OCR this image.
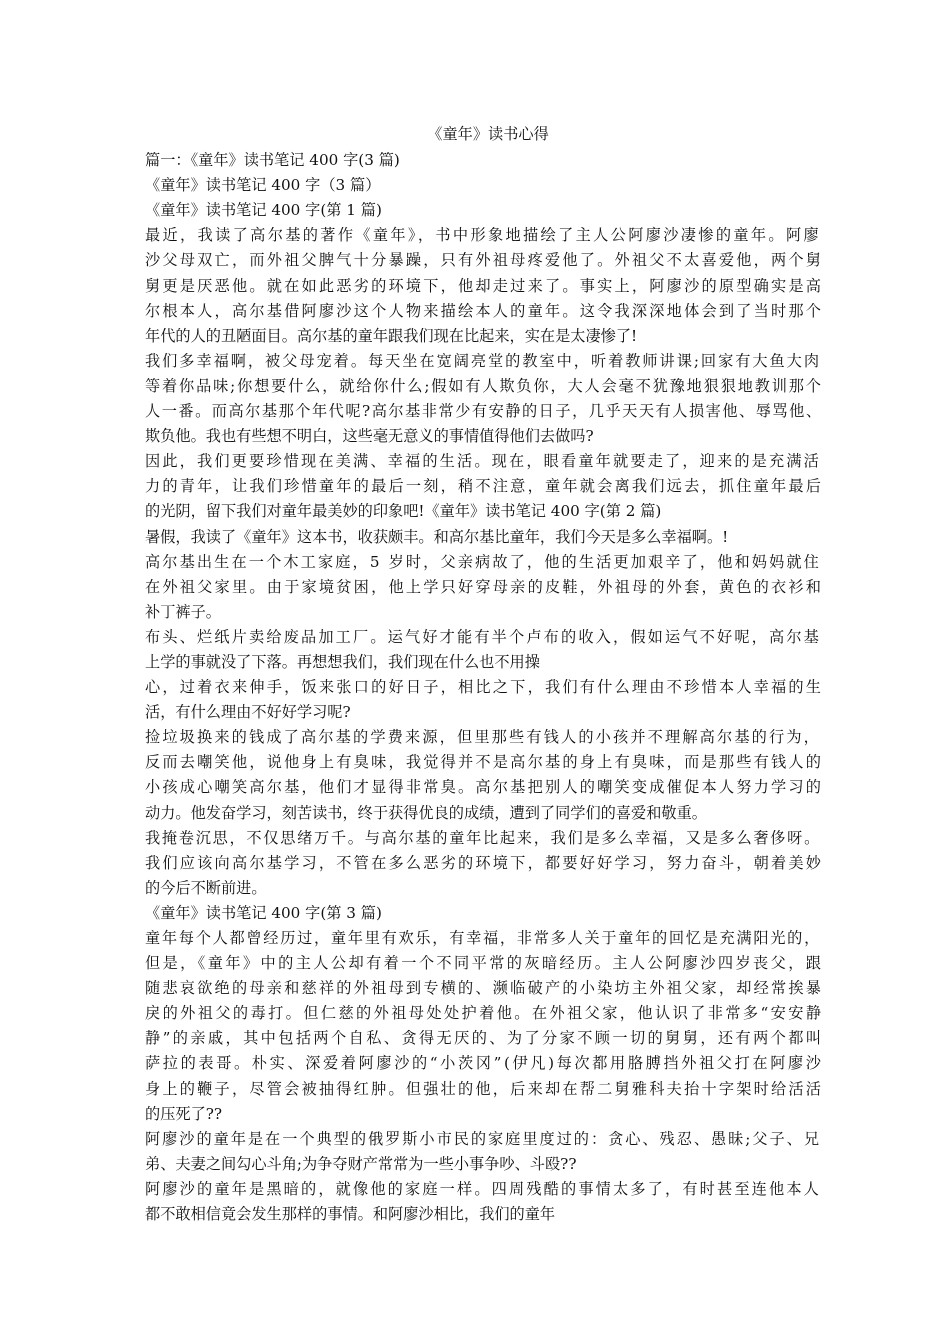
《童年》读书心得
篇一：《童年》读书笔记 400 字(3 篇)
《童年》读书笔记 400 字（3 篇）
《童年》读书笔记 400 字(第 1 篇)
最近，我读了高尔基的著作《童年》，书中形象地描绘了主人公阿廖沙凄惨的童年。阿廖
沙父母双亡，而外祖父脾气十分暴躁，只有外祖母疼爱他了。外祖父不太喜爱他，两个舅
舅更是厌恶他。就在如此恶劣的环境下，他却走过来了。事实上，阿廖沙的原型确实是高
尔根本人，高尔基借阿廖沙这个人物来描绘本人的童年。这令我深深地体会到了当时那个
年代的人的丑陋面目。高尔基的童年跟我们现在比起来，实在是太凄惨了!
我们多幸福啊，被父母宠着。每天坐在宽阔亮堂的教室中，听着教师讲课;回家有大鱼大肉
等着你品味;你想要什么，就给你什么;假如有人欺负你，大人会毫不犹豫地狠狠地教训那个
人一番。而高尔基那个年代呢?高尔基非常少有安静的日子，几乎天天有人损害他、辱骂他、
欺负他。我也有些想不明白，这些毫无意义的事情值得他们去做吗?
因此，我们更要珍惜现在美满、幸福的生活。现在，眼看童年就要走了，迎来的是充满活
力的青年，让我们珍惜童年的最后一刻，稍不注意，童年就会离我们远去，抓住童年最后
的光阴，留下我们对童年最美妙的印象吧!《童年》读书笔记 400 字(第 2 篇)
暑假，我读了《童年》这本书，收获颇丰。和高尔基比童年，我们今天是多么幸福啊。!
高尔基出生在一个木工家庭，5 岁时，父亲病故了，他的生活更加艰辛了，他和妈妈就住
在外祖父家里。由于家境贫困，他上学只好穿母亲的皮鞋，外祖母的外套，黄色的衣衫和
补丁裤子。
布头、烂纸片卖给废品加工厂。运气好才能有半个卢布的收入，假如运气不好呢，高尔基
上学的事就没了下落。再想想我们，我们现在什么也不用操
心，过着衣来伸手，饭来张口的好日子，相比之下，我们有什么理由不珍惜本人幸福的生
活，有什么理由不好好学习呢?
捡垃圾换来的钱成了高尔基的学费来源，但里那些有钱人的小孩并不理解高尔基的行为，
反而去嘲笑他，说他身上有臭味，我觉得并不是高尔基的身上有臭味，而是那些有钱人的
小孩成心嘲笑高尔基，他们才显得非常臭。高尔基把别人的嘲笑变成催促本人努力学习的
动力。他发奋学习，刻苦读书，终于获得优良的成绩，遭到了同学们的喜爱和敬重。
我掩卷沉思，不仅思绪万千。与高尔基的童年比起来，我们是多么幸福，又是多么奢侈呀。
我们应该向高尔基学习，不管在多么恶劣的环境下，都要好好学习，努力奋斗，朝着美妙
的今后不断前进。
《童年》读书笔记 400 字(第 3 篇)
童年每个人都曾经历过，童年里有欢乐，有幸福，非常多人关于童年的回忆是充满阳光的，
但是，《童年》中的主人公却有着一个不同平常的灰暗经历。主人公阿廖沙四岁丧父，跟
随悲哀欲绝的母亲和慈祥的外祖母到专横的、濒临破产的小染坊主外祖父家，却经常挨暴
戾的外祖父的毒打。但仁慈的外祖母处处护着他。在外祖父家，他认识了非常多“安安静
静”的亲戚，其中包括两个自私、贪得无厌的、为了分家不顾一切的舅舅，还有两个都叫
萨拉的表哥。朴实、深爱着阿廖沙的“小茨冈”(伊凡)每次都用胳膊挡外祖父打在阿廖沙
身上的鞭子，尽管会被抽得红肿。但强壮的他，后来却在帮二舅雅科夫抬十字架时给活活
的压死了??
阿廖沙的童年是在一个典型的俄罗斯小市民的家庭里度过的：贪心、残忍、愚昧;父子、兄
弟、夫妻之间勾心斗角;为争夺财产常常为一些小事争吵、斗殴??
阿廖沙的童年是黑暗的，就像他的家庭一样。四周残酷的事情太多了，有时甚至连他本人
都不敢相信竟会发生那样的事情。和阿廖沙相比，我们的童年
